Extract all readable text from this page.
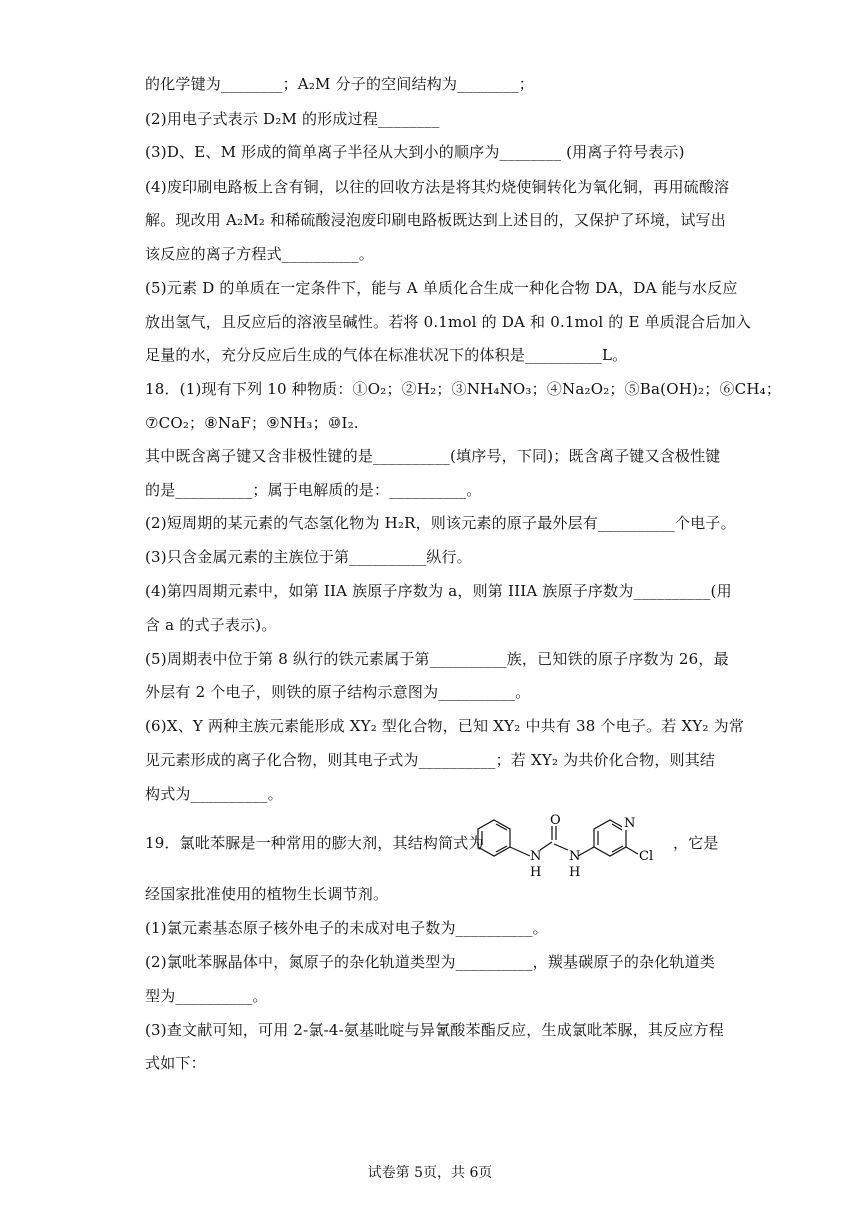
的化学键为________；A₂M 分子的空间结构为________；
(2)用电子式表示 D₂M 的形成过程________
(3)D、E、M 形成的简单离子半径从大到小的顺序为________ (用离子符号表示)
(4)废印刷电路板上含有铜，以往的回收方法是将其灼烧使铜转化为氧化铜，再用硫酸溶
解。现改用 A₂M₂ 和稀硫酸浸泡废印刷电路板既达到上述目的，又保护了环境，试写出
该反应的离子方程式__________。
(5)元素 D 的单质在一定条件下，能与 A 单质化合生成一种化合物 DA，DA 能与水反应
放出氢气，且反应后的溶液呈碱性。若将 0.1mol 的 DA 和 0.1mol 的 E 单质混合后加入
足量的水，充分反应后生成的气体在标准状况下的体积是__________L。
18．(1)现有下列 10 种物质：①O₂；②H₂；③NH₄NO₃；④Na₂O₂；⑤Ba(OH)₂；⑥CH₄；
⑦CO₂；⑧NaF；⑨NH₃；⑩I₂.
其中既含离子键又含非极性键的是__________(填序号，下同)；既含离子键又含极性键
的是__________；属于电解质的是：__________。
(2)短周期的某元素的气态氢化物为 H₂R，则该元素的原子最外层有__________个电子。
(3)只含金属元素的主族位于第__________纵行。
(4)第四周期元素中，如第 IIA 族原子序数为 a，则第 IIIA 族原子序数为__________(用
含 a 的式子表示)。
(5)周期表中位于第 8 纵行的铁元素属于第__________族，已知铁的原子序数为 26，最
外层有 2 个电子，则铁的原子结构示意图为__________。
(6)X、Y 两种主族元素能形成 XY₂ 型化合物，已知 XY₂ 中共有 38 个电子。若 XY₂ 为常
见元素形成的离子化合物，则其电子式为__________；若 XY₂ 为共价化合物，则其结
构式为__________。
19．氯吡苯脲是一种常用的膨大剂，其结构简式为	，它是
O
N
H
N
H
N
Cl
经国家批准使用的植物生长调节剂。
(1)氯元素基态原子核外电子的未成对电子数为__________。
(2)氯吡苯脲晶体中，氮原子的杂化轨道类型为__________，羰基碳原子的杂化轨道类
型为__________。
(3)查文献可知，可用 2-氯-4-氨基吡啶与异氰酸苯酯反应，生成氯吡苯脲，其反应方程
式如下：
试卷第 5页，共 6页
